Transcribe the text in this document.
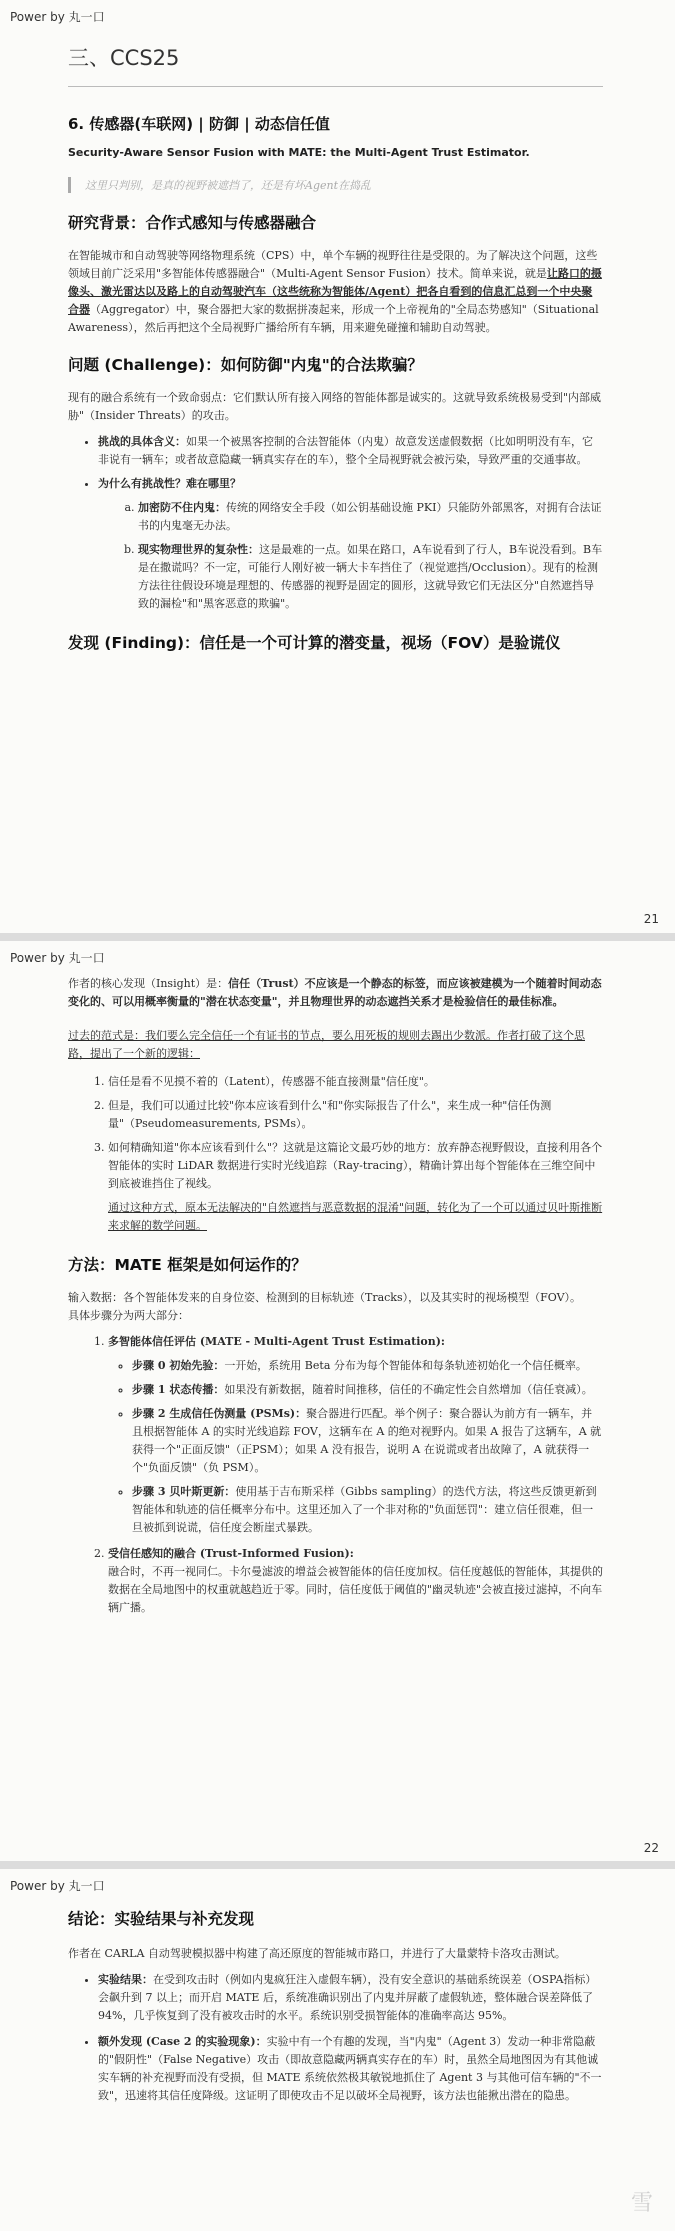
Power by 丸一口
三、CCS25
6. 传感器(车联网) | 防御 | 动态信任值
Security-Aware Sensor Fusion with MATE: the Multi-Agent Trust Estimator.
这里只判别，是真的视野被遮挡了，还是有坏Agent在捣乱
研究背景：合作式感知与传感器融合

在智能城市和自动驾驶等网络物理系统（CPS）中，单个车辆的视野往往是受限的。为了解决这个问题，这些领域目前广泛采用"多智能体传感器融合"（Multi-Agent Sensor Fusion）技术。简单来说，就是让路口的摄像头、激光雷达以及路上的自动驾驶汽车（这些统称为智能体/Agent）把各自看到的信息汇总到一个中央聚合器（Aggregator）中，聚合器把大家的数据拼凑起来，形成一个上帝视角的"全局态势感知"（Situational Awareness），然后再把这个全局视野广播给所有车辆，用来避免碰撞和辅助自动驾驶。

问题 (Challenge)：如何防御"内鬼"的合法欺骗？

现有的融合系统有一个致命弱点：它们默认所有接入网络的智能体都是诚实的。这就导致系统极易受到"内部威胁"（Insider Threats）的攻击。

• 挑战的具体含义：如果一个被黑客控制的合法智能体（内鬼）故意发送虚假数据（比如明明没有车，它非说有一辆车；或者故意隐藏一辆真实存在的车），整个全局视野就会被污染，导致严重的交通事故。
• 为什么有挑战性？难在哪里？
a. 加密防不住内鬼：传统的网络安全手段（如公钥基础设施 PKI）只能防外部黑客，对拥有合法证书的内鬼毫无办法。
b. 现实物理世界的复杂性：这是最难的一点。如果在路口，A车说看到了行人，B车说没看到。B车是在撒谎吗？不一定，可能行人刚好被一辆大卡车挡住了（视觉遮挡/Occlusion）。现有的检测方法往往假设环境是理想的、传感器的视野是固定的圆形，这就导致它们无法区分"自然遮挡导致的漏检"和"黑客恶意的欺骗"。
发现 (Finding)：信任是一个可计算的潜变量，视场（FOV）是验谎仪
21
Power by 丸一口

作者的核心发现（Insight）是：信任（Trust）不应该是一个静态的标签，而应该被建模为一个随着时间动态变化的、可以用概率衡量的"潜在状态变量"，并且物理世界的动态遮挡关系才是检验信任的最佳标准。

过去的范式是：我们要么完全信任一个有证书的节点，要么用死板的规则去踢出少数派。作者打破了这个思路，提出了一个新的逻辑：

1. 信任是看不见摸不着的（Latent），传感器不能直接测量"信任度"。
2. 但是，我们可以通过比较"你本应该看到什么"和"你实际报告了什么"，来生成一种"信任伪测量"（Pseudomeasurements, PSMs）。
3. 如何精确知道"你本应该看到什么"？这就是这篇论文最巧妙的地方：放弃静态视野假设，直接利用各个智能体的实时 LiDAR 数据进行实时光线追踪（Ray-tracing），精确计算出每个智能体在三维空间中到底被谁挡住了视线。

通过这种方式，原本无法解决的"自然遮挡与恶意数据的混淆"问题，转化为了一个可以通过贝叶斯推断来求解的数学问题。

方法：MATE 框架是如何运作的？

输入数据：各个智能体发来的自身位姿、检测到的目标轨迹（Tracks），以及其实时的视场模型（FOV）。

具体步骤分为两大部分：

1. 多智能体信任评估 (MATE - Multi-Agent Trust Estimation):
◦ 步骤 0 初始先验：一开始，系统用 Beta 分布为每个智能体和每条轨迹初始化一个信任概率。
◦ 步骤 1 状态传播：如果没有新数据，随着时间推移，信任的不确定性会自然增加（信任衰减）。
◦ 步骤 2 生成信任伪测量 (PSMs)：聚合器进行匹配。举个例子：聚合器认为前方有一辆车，并且根据智能体 A 的实时光线追踪 FOV，这辆车在 A 的绝对视野内。如果 A 报告了这辆车，A 就获得一个"正面反馈"（正PSM）；如果 A 没有报告，说明 A 在说谎或者出故障了，A 就获得一个"负面反馈"（负 PSM）。
◦ 步骤 3 贝叶斯更新：使用基于吉布斯采样（Gibbs sampling）的迭代方法，将这些反馈更新到智能体和轨迹的信任概率分布中。这里还加入了一个非对称的"负面惩罚"：建立信任很难，但一旦被抓到说谎，信任度会断崖式暴跌。
2. 受信任感知的融合 (Trust-Informed Fusion):
融合时，不再一视同仁。卡尔曼滤波的增益会被智能体的信任度加权。信任度越低的智能体，其提供的数据在全局地图中的权重就越趋近于零。同时，信任度低于阈值的"幽灵轨迹"会被直接过滤掉，不向车辆广播。
22
Power by 丸一口
结论：实验结果与补充发现

作者在 CARLA 自动驾驶模拟器中构建了高还原度的智能城市路口，并进行了大量蒙特卡洛攻击测试。

• 实验结果：在受到攻击时（例如内鬼疯狂注入虚假车辆），没有安全意识的基础系统误差（OSPA指标）会飙升到 7 以上；而开启 MATE 后，系统准确识别出了内鬼并屏蔽了虚假轨迹，整体融合误差降低了 94%，几乎恢复到了没有被攻击时的水平。系统识别受损智能体的准确率高达 95%。
• 额外发现 (Case 2 的实验现象)：实验中有一个有趣的发现，当"内鬼"（Agent 3）发动一种非常隐蔽的"假阴性"（False Negative）攻击（即故意隐藏两辆真实存在的车）时，虽然全局地图因为有其他诚实车辆的补充视野而没有受损，但 MATE 系统依然极其敏锐地抓住了 Agent 3 与其他可信车辆的"不一致"，迅速将其信任度降级。这证明了即使攻击不足以破坏全局视野，该方法也能揪出潜在的隐患。
雪
